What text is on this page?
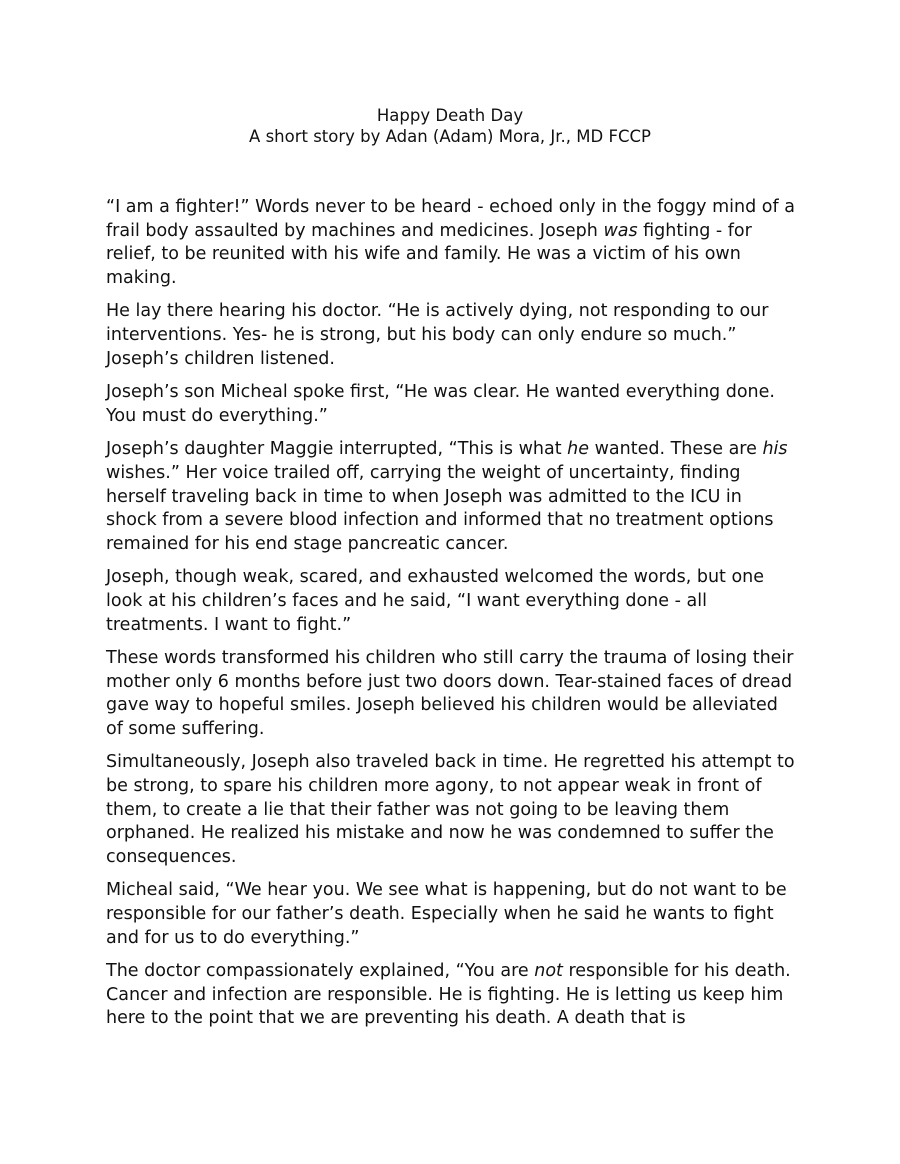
Happy Death Day
A short story by Adan (Adam) Mora, Jr., MD FCCP

“I am a fighter!” Words never to be heard - echoed only in the foggy mind of a frail body assaulted by machines and medicines. Joseph was fighting - for relief, to be reunited with his wife and family. He was a victim of his own making.

He lay there hearing his doctor. “He is actively dying, not responding to our interventions. Yes- he is strong, but his body can only endure so much.” Joseph’s children listened.

Joseph’s son Micheal spoke first, “He was clear. He wanted everything done. You must do everything.”

Joseph’s daughter Maggie interrupted, “This is what he wanted. These are his wishes.” Her voice trailed off, carrying the weight of uncertainty, finding herself traveling back in time to when Joseph was admitted to the ICU in shock from a severe blood infection and informed that no treatment options remained for his end stage pancreatic cancer.

Joseph, though weak, scared, and exhausted welcomed the words, but one look at his children’s faces and he said, “I want everything done - all treatments. I want to fight.”

These words transformed his children who still carry the trauma of losing their mother only 6 months before just two doors down. Tear-stained faces of dread gave way to hopeful smiles. Joseph believed his children would be alleviated of some suffering.

Simultaneously, Joseph also traveled back in time. He regretted his attempt to be strong, to spare his children more agony, to not appear weak in front of them, to create a lie that their father was not going to be leaving them orphaned. He realized his mistake and now he was condemned to suffer the consequences.

Micheal said, “We hear you. We see what is happening, but do not want to be responsible for our father’s death. Especially when he said he wants to fight and for us to do everything.”

The doctor compassionately explained, “You are not responsible for his death. Cancer and infection are responsible. He is fighting. He is letting us keep him here to the point that we are preventing his death. A death that is
